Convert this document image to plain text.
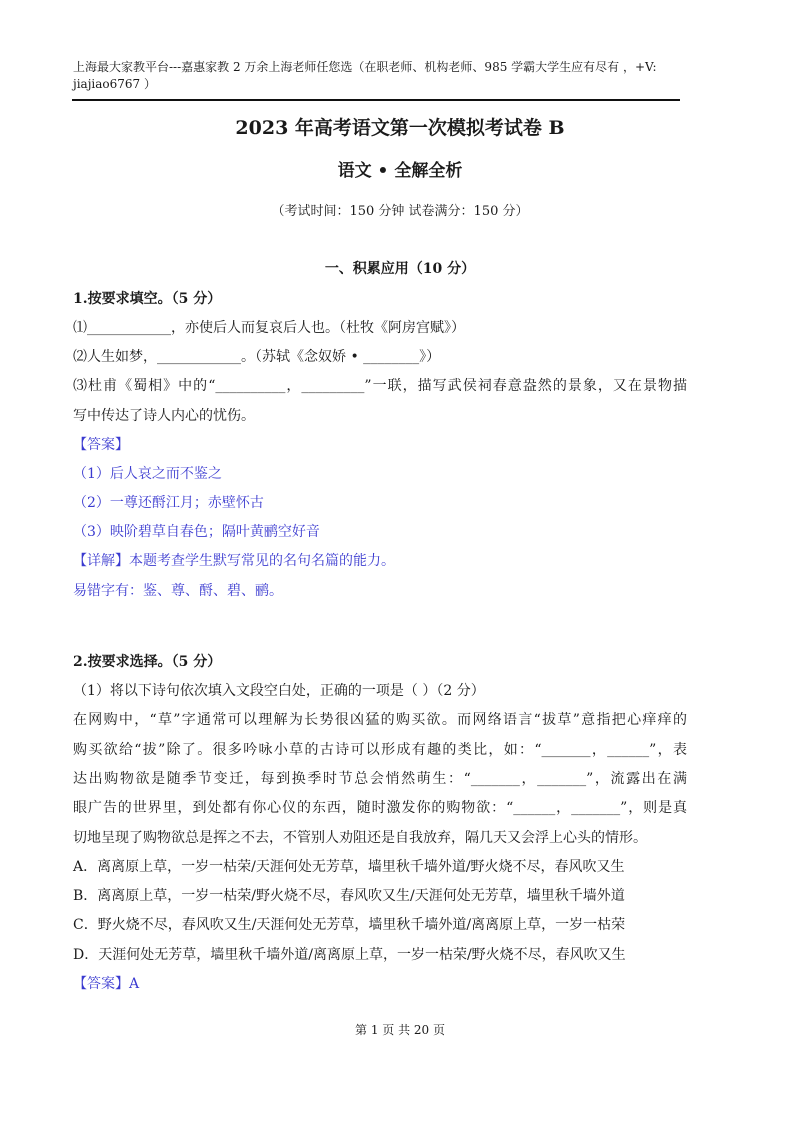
上海最大家教平台---嘉惠家教 2 万余上海老师任您选（在职老师、机构老师、985 学霸大学生应有尽有 ，+V:
jiajiao6767 ）
2023 年高考语文第一次模拟考试卷 B
语文 • 全解全析
（考试时间：150 分钟 试卷满分：150 分）
一、积累应用（10 分）
1.按要求填空。（5 分）
⑴____________，亦使后人而复哀后人也。（杜牧《阿房宫赋》）
⑵人生如梦，____________。（苏轼《念奴娇 • ________》）
⑶杜甫《蜀相》中的“__________，_________”一联，描写武侯祠春意盎然的景象，又在景物描
写中传达了诗人内心的忧伤。
【答案】
（1）后人哀之而不鉴之
（2）一尊还酹江月；赤壁怀古
（3）映阶碧草自春色；隔叶黄鹂空好音
【详解】本题考查学生默写常见的名句名篇的能力。
易错字有：鉴、尊、酹、碧、鹂。
2.按要求选择。（5 分）
（1）将以下诗句依次填入文段空白处，正确的一项是（ ）（2 分）
在网购中，“草”字通常可以理解为长势很凶猛的购买欲。而网络语言“拔草”意指把心痒痒的
购买欲给“拔”除了。很多吟咏小草的古诗可以形成有趣的类比，如：“_______，______”，表
达出购物欲是随季节变迁，每到换季时节总会悄然萌生：“_______，_______”，流露出在满
眼广告的世界里，到处都有你心仪的东西，随时激发你的购物欲：“______，_______”，则是真
切地呈现了购物欲总是挥之不去，不管别人劝阻还是自我放弃，隔几天又会浮上心头的情形。
A．离离原上草，一岁一枯荣/天涯何处无芳草，墙里秋千墙外道/野火烧不尽，春风吹又生
B．离离原上草，一岁一枯荣/野火烧不尽，春风吹又生/天涯何处无芳草，墙里秋千墙外道
C．野火烧不尽，春风吹又生/天涯何处无芳草，墙里秋千墙外道/离离原上草，一岁一枯荣
D．天涯何处无芳草，墙里秋千墙外道/离离原上草，一岁一枯荣/野火烧不尽，春风吹又生
【答案】A
第 1 页 共 20 页
